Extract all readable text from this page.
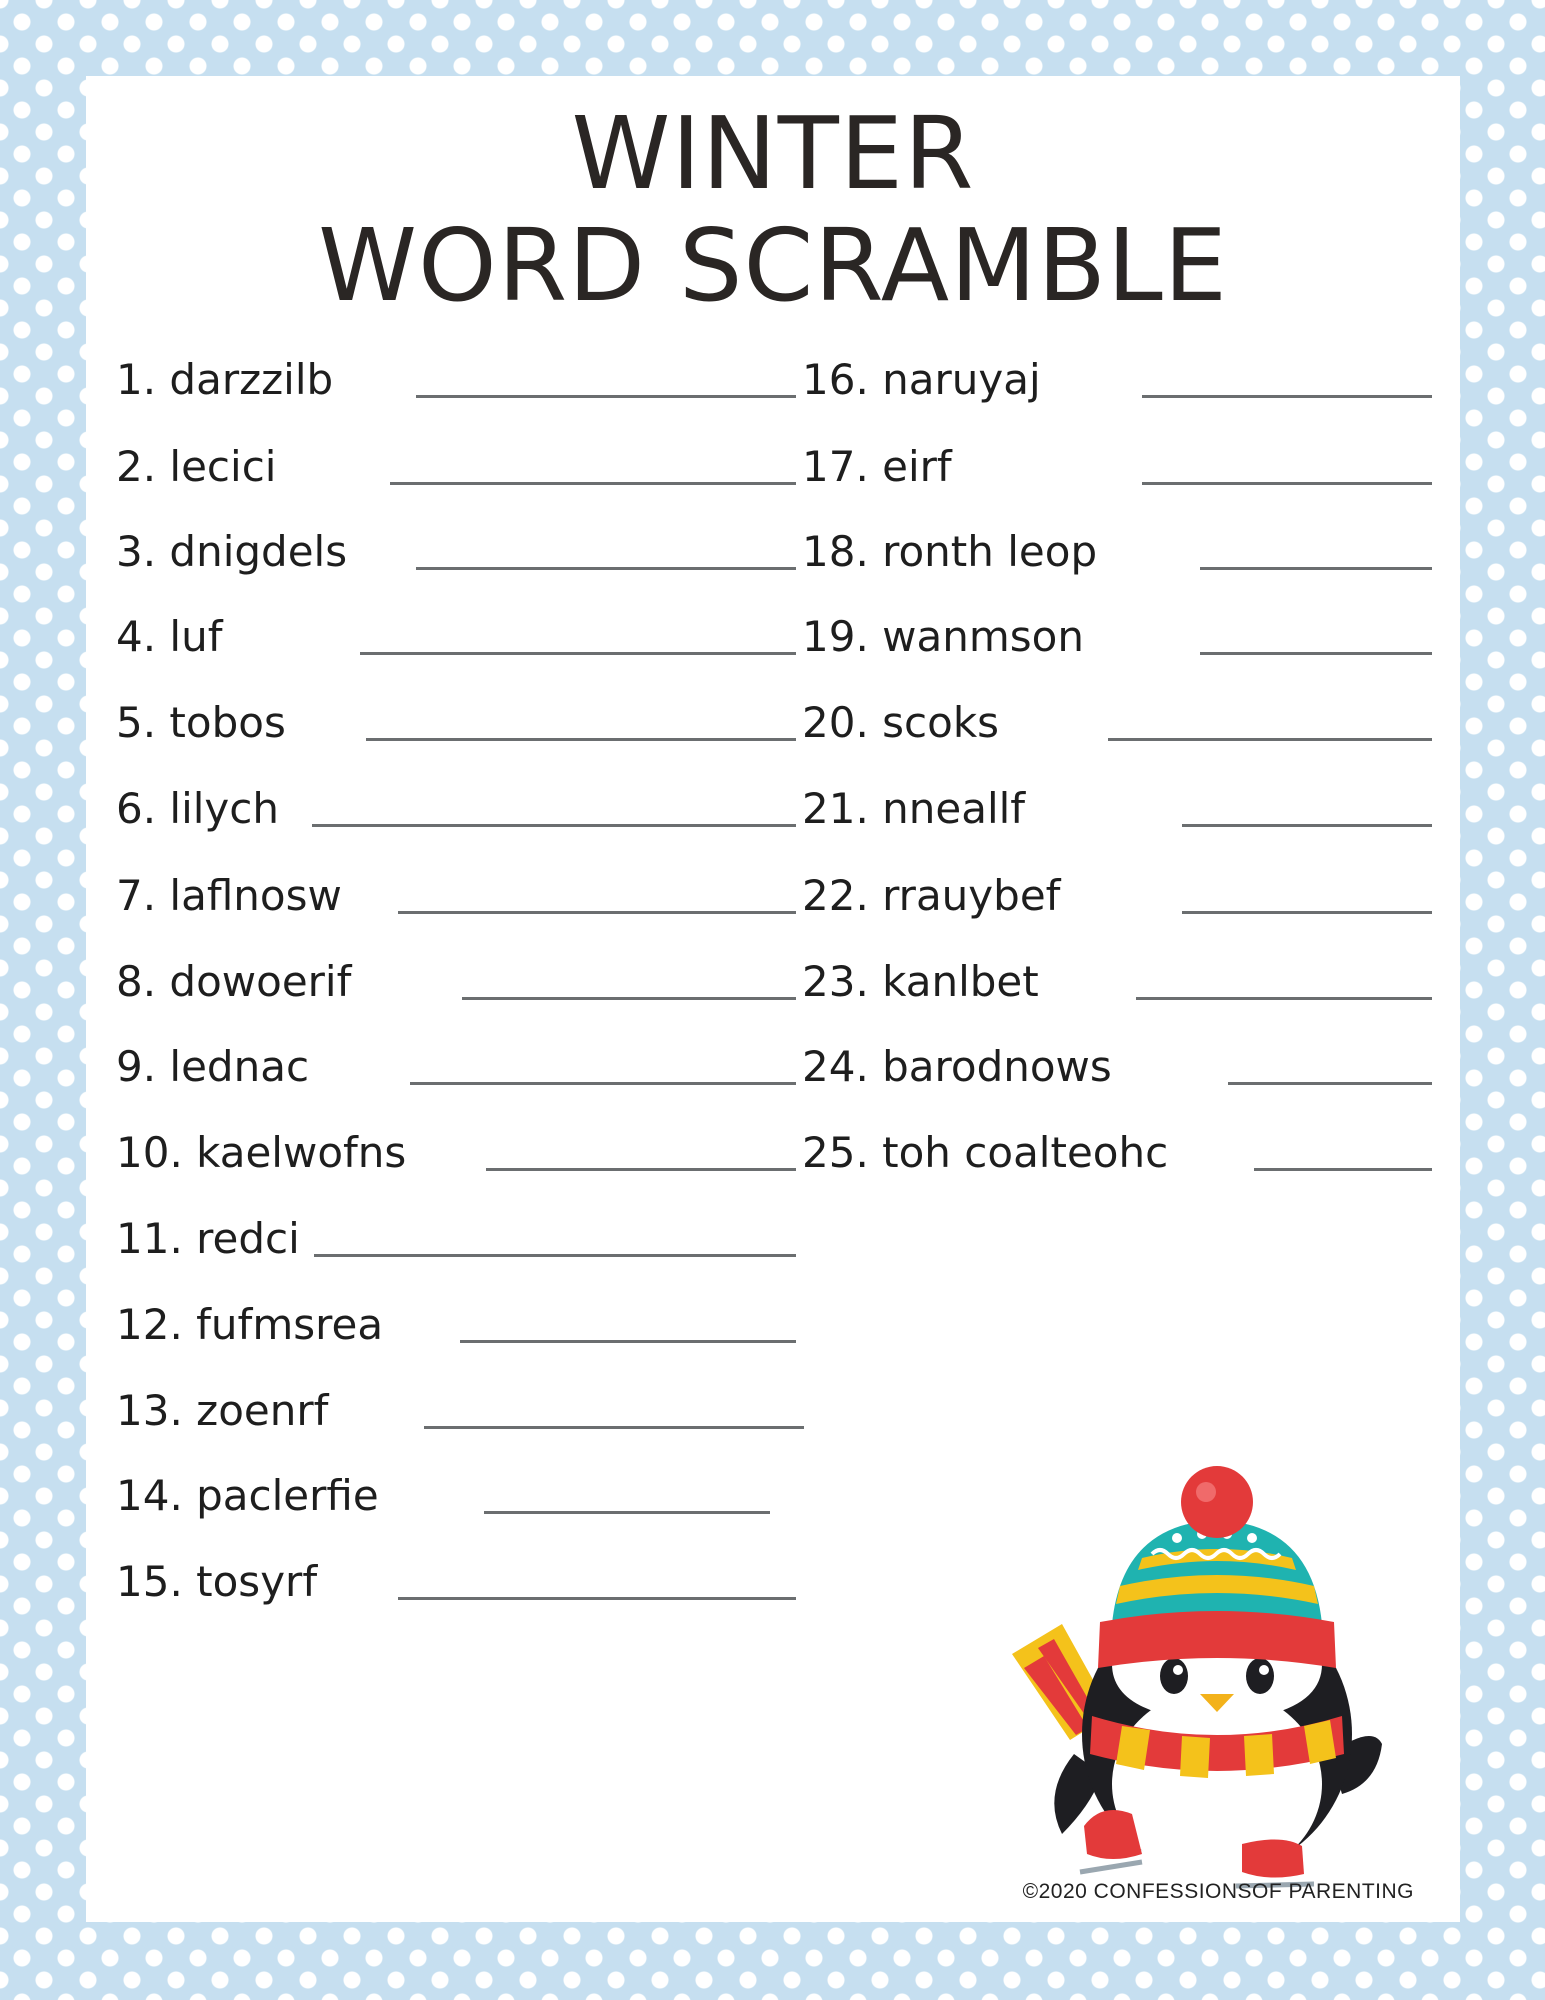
WINTER
WORD SCRAMBLE
1. darzzilb
2. lecici
3. dnigdels
4. luf
5. tobos
6. lilych
7. laflnosw
8. dowoerif
9. lednac
10. kaelwofns
11. redci
12. fufmsrea
13. zoenrf
14. paclerfie
15. tosyrf
16. naruyaj
17. eirf
18. ronth leop
19. wanmson
20. scoks
21. nneallf
22. rrauybef
23. kanlbet
24. barodnows
25. toh coalteohc
©2020 CONFESSIONSOF PARENTING
